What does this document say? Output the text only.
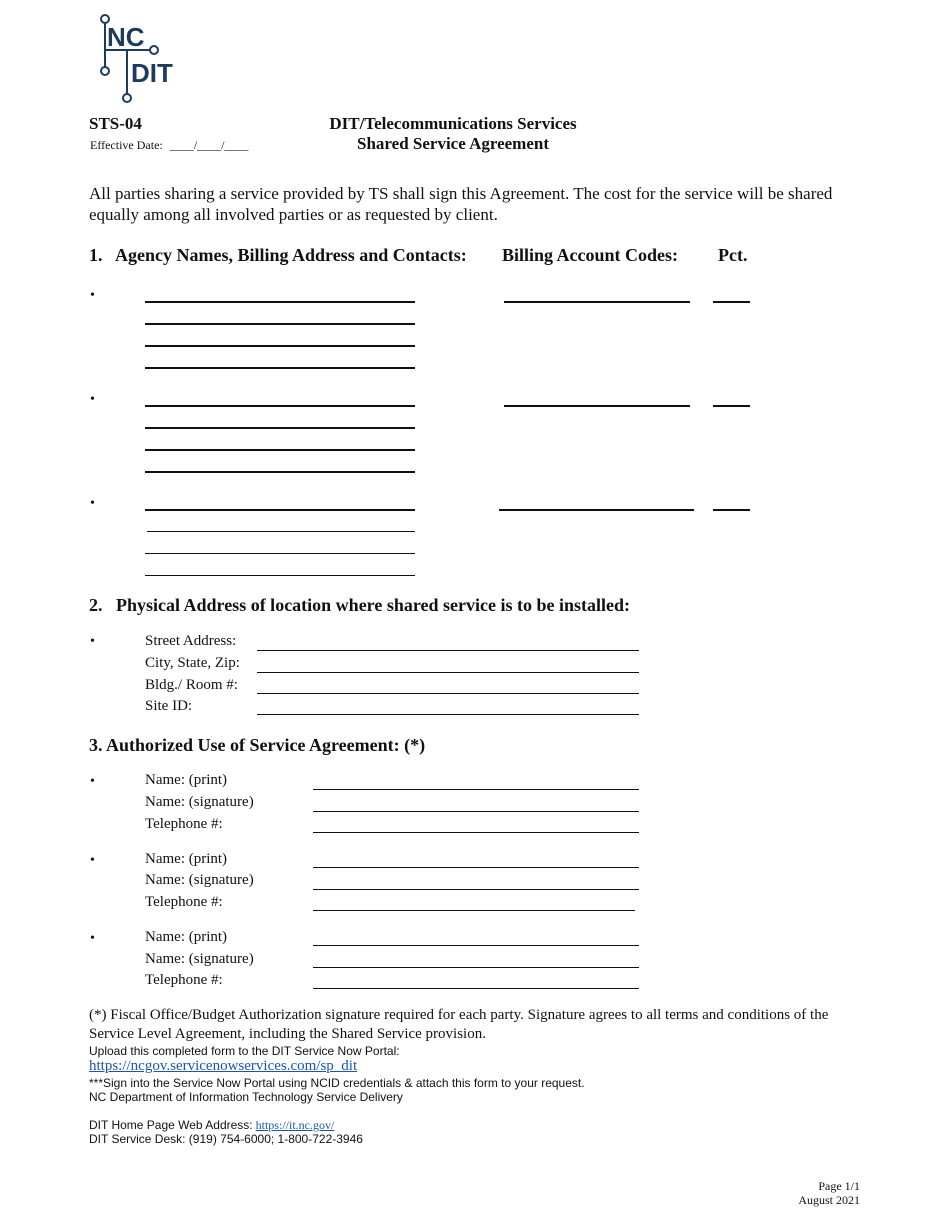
NC
DIT
STS-04
Effective Date: ____/____/____
DIT/Telecommunications Services
Shared Service Agreement
All parties sharing a service provided by TS shall sign this Agreement. The cost for the service will be shared equally among all involved parties or as requested by client.
1.   Agency Names, Billing Address and Contacts: Billing Account Codes: Pct.
•
•
•
2.   Physical Address of location where shared service is to be installed:
•	Street Address:
City, State, Zip:
Bldg./ Room #:
Site ID:
3. Authorized Use of Service Agreement: (*)
•	Name: (print)
Name: (signature)
Telephone #:
•	Name: (print)
Name: (signature)
Telephone #:
•	Name: (print)
Name: (signature)
Telephone #:
(*) Fiscal Office/Budget Authorization signature required for each party. Signature agrees to all terms and conditions of the Service Level Agreement, including the Shared Service provision.
Upload this completed form to the DIT Service Now Portal:
https://ncgov.servicenowservices.com/sp_dit
***Sign into the Service Now Portal using NCID credentials & attach this form to your request.
NC Department of Information Technology Service Delivery
DIT Home Page Web Address: https://it.nc.gov/
DIT Service Desk: (919) 754-6000; 1-800-722-3946
Page 1/1
August 2021
